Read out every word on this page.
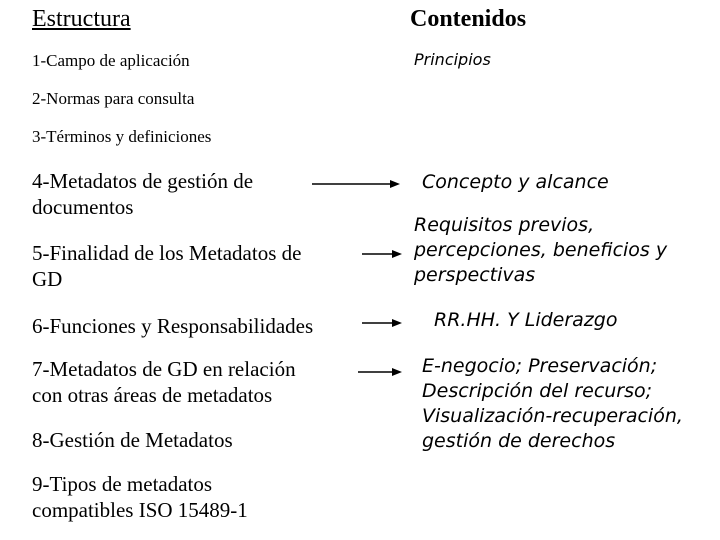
Estructura	Contenidos
1-Campo de aplicación
2-Normas para consulta
3-Términos y definiciones
4-Metadatos de gestión de
documentos
5-Finalidad de los Metadatos de
GD
6-Funciones y Responsabilidades
7-Metadatos de GD en relación
con otras áreas de metadatos
8-Gestión de Metadatos
9-Tipos de metadatos
compatibles ISO 15489-1
Principios
Concepto y alcance
Requisitos previos,
percepciones, beneficios y
perspectivas
RR.HH. Y Liderazgo
E-negocio; Preservación;
Descripción del recurso;
Visualización-recuperación,
gestión de derechos
